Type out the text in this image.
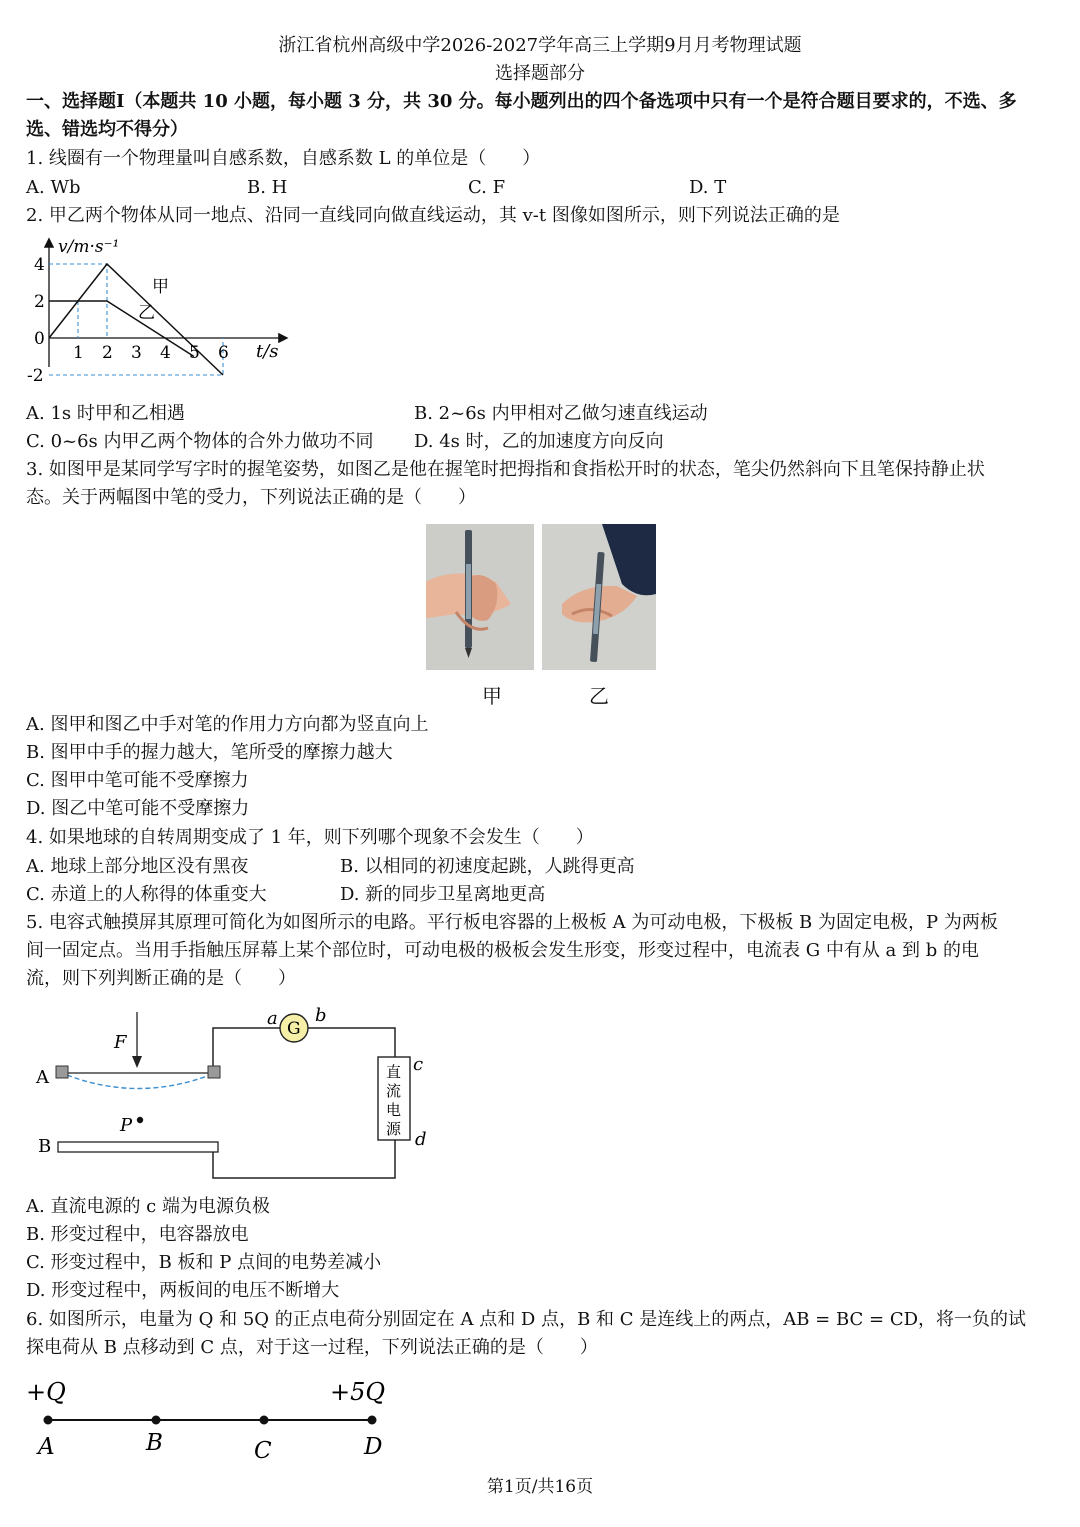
浙江省杭州高级中学2026-2027学年高三上学期9月月考物理试题
选择题部分
一、选择题I（本题共 10 小题，每小题 3 分，共 30 分。每小题列出的四个备选项中只有一个是符合题目要求的，不选、多
选、错选均不得分）
1. 线圈有一个物理量叫自感系数，自感系数 L 的单位是（　　）
A. Wb	B. H	C. F	D. T
2. 甲乙两个物体从同一地点、沿同一直线同向做直线运动，其 v-t 图像如图所示，则下列说法正确的是
4
2
0
-2
1 2 3 4 5 6
v/m·s⁻¹
t/s
甲
乙
A. 1s 时甲和乙相遇	B. 2~6s 内甲相对乙做匀速直线运动
C. 0~6s 内甲乙两个物体的合外力做功不同 D. 4s 时，乙的加速度方向反向
3. 如图甲是某同学写字时的握笔姿势，如图乙是他在握笔时把拇指和食指松开时的状态，笔尖仍然斜向下且笔保持静止状
态。关于两幅图中笔的受力，下列说法正确的是（　　）
甲	乙
A. 图甲和图乙中手对笔的作用力方向都为竖直向上
B. 图甲中手的握力越大，笔所受的摩擦力越大
C. 图甲中笔可能不受摩擦力
D. 图乙中笔可能不受摩擦力
4. 如果地球的自转周期变成了 1 年，则下列哪个现象不会发生（　　）
A. 地球上部分地区没有黑夜	B. 以相同的初速度起跳，人跳得更高
C. 赤道上的人称得的体重变大	D. 新的同步卫星离地更高
5. 电容式触摸屏其原理可简化为如图所示的电路。平行板电容器的上极板 A 为可动电极，下极板 B 为固定电极，P 为两板
间一固定点。当用手指触压屏幕上某个部位时，可动电极的极板会发生形变，形变过程中，电流表 G 中有从 a 到 b 的电
流，则下列判断正确的是（　　）
G
a b
直
流
电
源
c
d
A
F
B
P
A. 直流电源的 c 端为电源负极
B. 形变过程中，电容器放电
C. 形变过程中，B 板和 P 点间的电势差减小
D. 形变过程中，两板间的电压不断增大
6. 如图所示，电量为 Q 和 5Q 的正点电荷分别固定在 A 点和 D 点，B 和 C 是连线上的两点，AB = BC = CD，将一负的试
探电荷从 B 点移动到 C 点，对于这一过程，下列说法正确的是（　　）
+Q	+5Q
A	B	C	D
第1页/共16页
